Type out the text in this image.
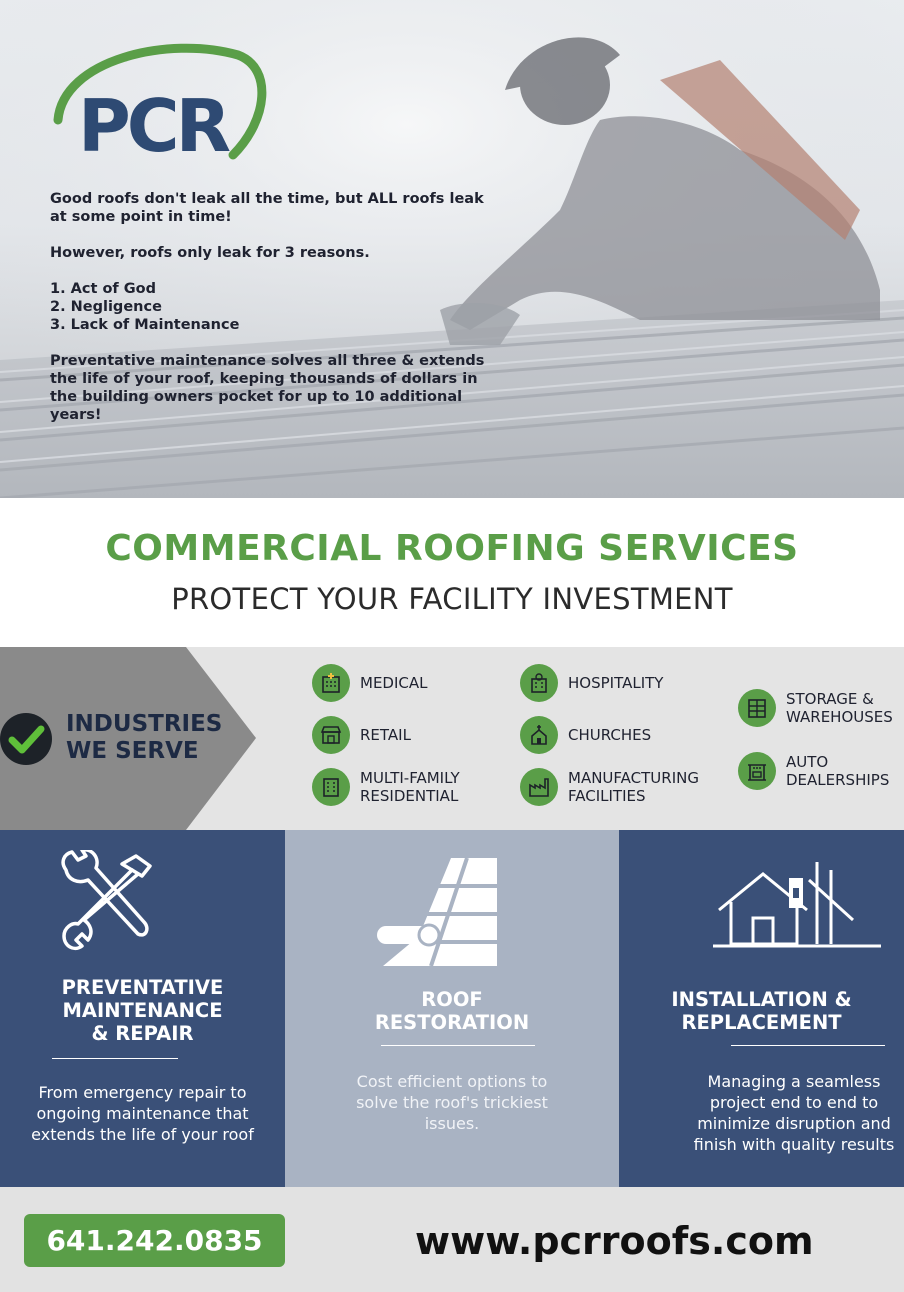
PCR

Good roofs don't leak all the time, but ALL roofs leak at some point in time!

However, roofs only leak for 3 reasons.

1. Act of God
2. Negligence
3. Lack of Maintenance

Preventative maintenance solves all three & extends the life of your roof, keeping thousands of dollars in the building owners pocket for up to 10 additional years!

COMMERCIAL ROOFING SERVICES
PROTECT YOUR FACILITY INVESTMENT
INDUSTRIES
WE SERVE
MEDICAL
RETAIL
MULTI-FAMILY
RESIDENTIAL
HOSPITALITY
CHURCHES
MANUFACTURING
FACILITIES
STORAGE &
WAREHOUSES
AUTO
DEALERSHIPS
PREVENTATIVE
MAINTENANCE
& REPAIR
From emergency repair to
ongoing maintenance that
extends the life of your roof
ROOF
RESTORATION
Cost efficient options to
solve the roof's trickiest
issues.
INSTALLATION &
REPLACEMENT
Managing a seamless
project end to end to
minimize disruption and
finish with quality results
641.242.0835	www.pcrroofs.com
